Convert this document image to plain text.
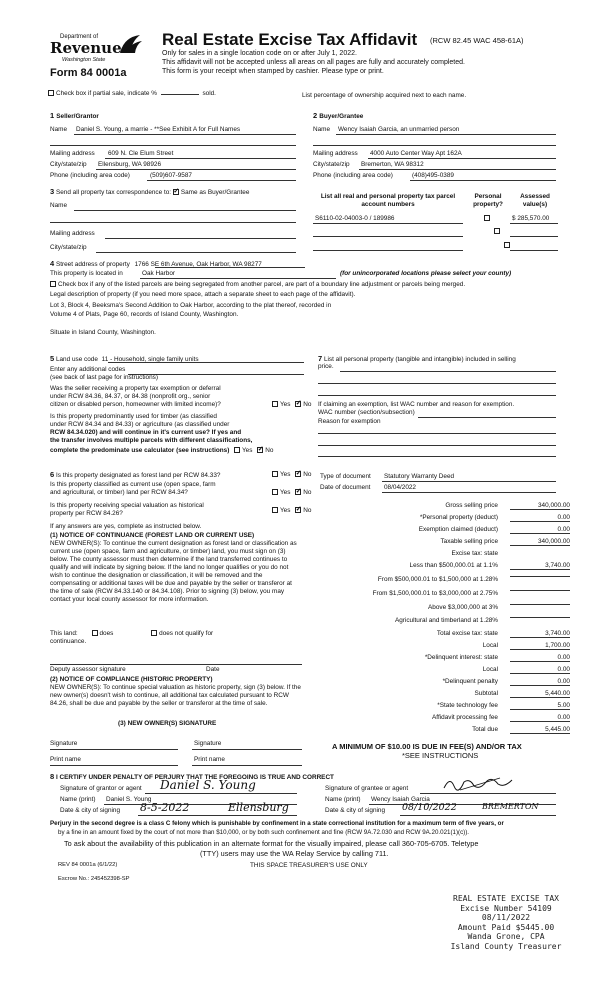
Department of
Revenue
Washington State
Form 84 0001a
Real Estate Excise Tax Affidavit (RCW 82.45 WAC 458-61A)
Only for sales in a single location code on or after July 1, 2022.
This affidavit will not be accepted unless all areas on all pages are fully and accurately completed.
This form is your receipt when stamped by cashier. Please type or print.
Check box if partial sale, indicate %	sold.	List percentage of ownership acquired next to each name.
1 Seller/Grantor
Name Daniel S. Young, a marrie - **See Exhibit A for Full Names
Mailing address 609 N. Cle Elum Street
City/state/zip Ellensburg, WA 98926
Phone (including area code)	(509)607-9587
2 Buyer/Grantee
Name Wency Isaiah Garcia, an unmarried person
Mailing address 4000 Auto Center Way Apt 162A
City/state/zip Bremerton, WA 98312
Phone (including area code)	(408)495-0389
3 Send all property tax correspondence to: ✓ Same as Buyer/Grantee
Name
Mailing address
City/state/zip
List all real and personal property tax parcel account numbers
Personal property?
Assessed value(s)
S6110-02-04003-0 / 189986
	$ 285,570.00

4 Street address of property 1766 SE 6th Avenue, Oak Harbor, WA 98277
This property is located in	Oak Harbor	(for unincorporated locations please select your county)
Check box if any of the listed parcels are being segregated from another parcel, are part of a boundary line adjustment or parcels being merged.
Legal description of property (if you need more space, attach a separate sheet to each page of the affidavit).
Lot 3, Block 4, Beeksma's Second Addition to Oak Harbor, according to the plat thereof, recorded in
Volume 4 of Plats, Page 60, records of Island County, Washington.
Situate in Island County, Washington.
5 Land use code 11 - Household, single family units
Enter any additional codes
(see back of last page for instructions)
Was the seller receiving a property tax exemption or deferral
under RCW 84.36, 84.37, or 84.38 (nonprofit org., senior
citizen or disabled person, homeowner with limited income)?	Yes ✓ No
Is this property predominantly used for timber (as classified
under RCW 84.34 and 84.33) or agriculture (as classified under
RCW 84.34.020) and will continue in it's current use? If yes and
the transfer involves multiple parcels with different classifications,
complete the predominate use calculator (see instructions)	Yes ✓ No
7 List all personal property (tangible and intangible) included in selling
price.
If claiming an exemption, list WAC number and reason for exemption.
WAC number (section/subsection)
Reason for exemption
6 Is this property designated as forest land per RCW 84.33?	Yes ✓ No
Is this property classified as current use (open space, farm
and agricultural, or timber) land per RCW 84.34?	Yes ✓ No
Is this property receiving special valuation as historical
property per RCW 84.26?	Yes ✓ No
If any answers are yes, complete as instructed below.
(1) NOTICE OF CONTINUANCE (FOREST LAND OR CURRENT USE)
NEW OWNER(S): To continue the current designation as forest land or classification as current use (open space, farm and agriculture, or timber) land, you must sign on (3) below. The county assessor must then determine if the land transferred continues to qualify and will indicate by signing below. If the land no longer qualifies or you do not wish to continue the designation or classification, it will be removed and the compensating or additional taxes will be due and payable by the seller or transferor at the time of sale (RCW 84.33.140 or 84.34.108). Prior to signing (3) below, you may contact your local county assessor for more information.
This land:	does	does not qualify for
continuance.
Deputy assessor signature	Date
(2) NOTICE OF COMPLIANCE (HISTORIC PROPERTY)
NEW OWNER(S): To continue special valuation as historic property, sign (3) below. If the new owner(s) doesn't wish to continue, all additional tax calculated pursuant to RCW 84.26, shall be due and payable by the seller or transferor at the time of sale.
(3) NEW OWNER(S) SIGNATURE
Signature	Signature
Print name	Print name
Type of document Statutory Warranty Deed
Date of document 08/04/2022
Gross selling price	340,000.00
*Personal property (deduct)	0.00
Exemption claimed (deduct)	0.00
Taxable selling price	340,000.00
Excise tax: state
Less than $500,000.01 at 1.1%	3,740.00
From $500,000.01 to $1,500,000 at 1.28%
From $1,500,000.01 to $3,000,000 at 2.75%
Above $3,000,000 at 3%
Agricultural and timberland at 1.28%
Total excise tax: state	3,740.00
Local	1,700.00
*Delinquent interest: state	0.00
Local	0.00
*Delinquent penalty	0.00
Subtotal	5,440.00
*State technology fee	5.00
Affidavit processing fee	0.00
Total due	5,445.00
A MINIMUM OF $10.00 IS DUE IN FEE(S) AND/OR TAX
*SEE INSTRUCTIONS
8 I CERTIFY UNDER PENALTY OF PERJURY THAT THE FOREGOING IS TRUE AND CORRECT
Signature of grantor or agent Daniel S. Young
Name (print) Daniel S. Young
Date & city of signing 8-5-2022	Ellensburg
Signature of grantee or agent
Name (print) Wency Isaiah Garcia
Date & city of signing 08/10/2022	BREMERTON
Perjury in the second degree is a class C felony which is punishable by confinement in a state correctional institution for a maximum term of five years, or
by a fine in an amount fixed by the court of not more than $10,000, or by both such confinement and fine (RCW 9A.72.030 and RCW 9A.20.021(1)(c)).
To ask about the availability of this publication in an alternate format for the visually impaired, please call 360-705-6705. Teletype
(TTY) users may use the WA Relay Service by calling 711.
REV 84 0001a (6/1/22)	THIS SPACE TREASURER'S USE ONLY
Escrow No.: 245452398-SP
REAL ESTATE EXCISE TAX
Excise Number 54109
08/11/2022
Amount Paid $5445.00
Wanda Grone, CPA
Island County Treasurer
